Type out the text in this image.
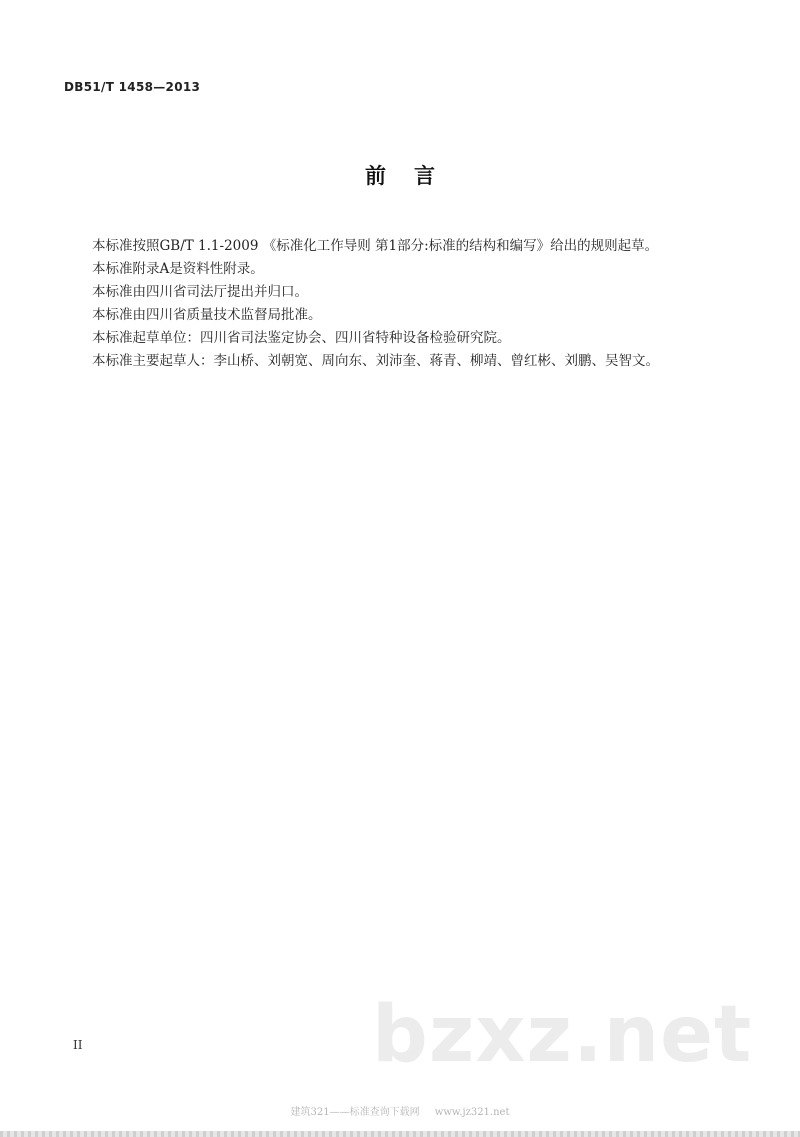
DB51/T 1458—2013
前言

本标准按照GB/T 1.1-2009 《标准化工作导则 第1部分:标准的结构和编写》给出的规则起草。

本标准附录A是资料性附录。

本标准由四川省司法厅提出并归口。

本标准由四川省质量技术监督局批准。

本标准起草单位：四川省司法鉴定协会、四川省特种设备检验研究院。

本标准主要起草人：李山桥、刘朝宽、周向东、刘沛奎、蒋青、柳靖、曾红彬、刘鹏、吴智文。

bzxz.net
II
建筑321——标准查询下载网 www.jz321.net
